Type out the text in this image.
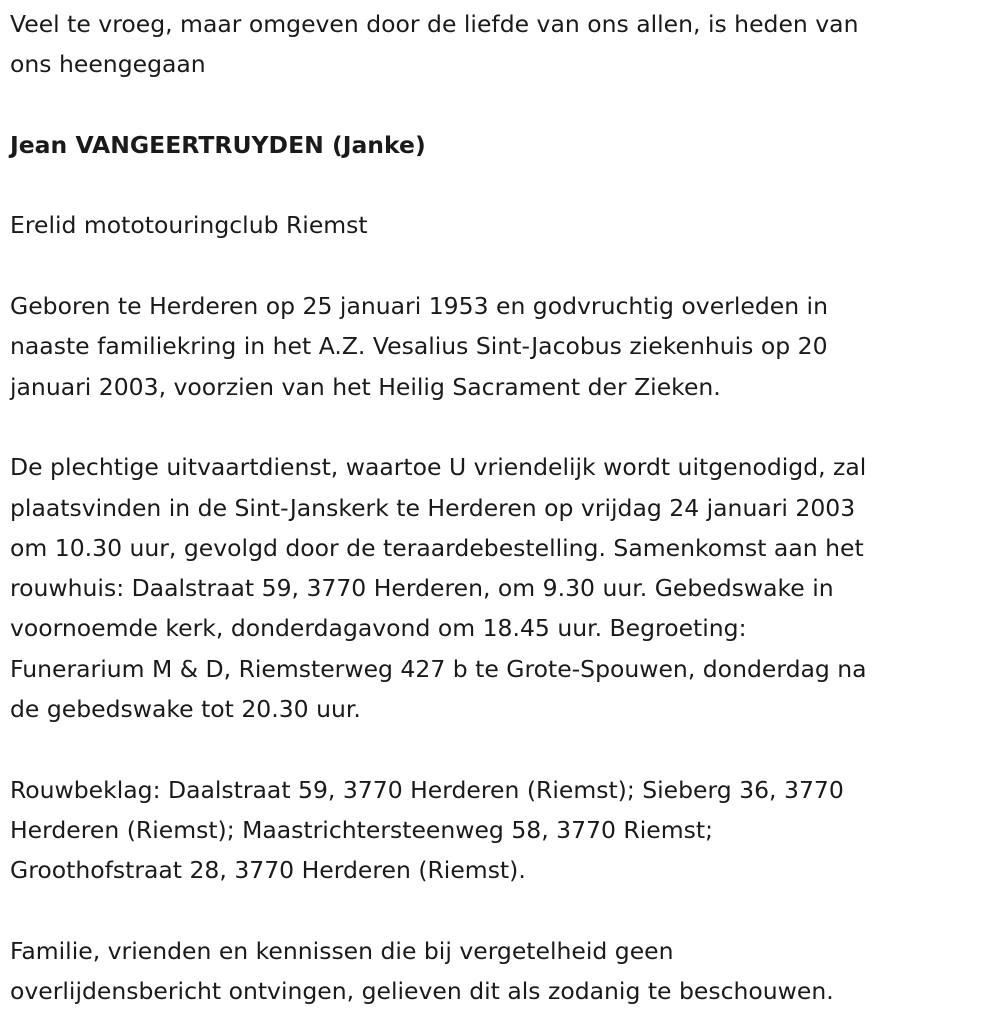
Veel te vroeg, maar omgeven door de liefde van ons allen, is heden van
ons heengegaan

Jean VANGEERTRUYDEN (Janke)

Erelid mototouringclub Riemst

Geboren te Herderen op 25 januari 1953 en godvruchtig overleden in
naaste familiekring in het A.Z. Vesalius Sint-Jacobus ziekenhuis op 20
januari 2003, voorzien van het Heilig Sacrament der Zieken.

De plechtige uitvaartdienst, waartoe U vriendelijk wordt uitgenodigd, zal
plaatsvinden in de Sint-Janskerk te Herderen op vrijdag 24 januari 2003
om 10.30 uur, gevolgd door de teraardebestelling. Samenkomst aan het
rouwhuis: Daalstraat 59, 3770 Herderen, om 9.30 uur. Gebedswake in
voornoemde kerk, donderdagavond om 18.45 uur. Begroeting:
Funerarium M & D, Riemsterweg 427 b te Grote-Spouwen, donderdag na
de gebedswake tot 20.30 uur.

Rouwbeklag: Daalstraat 59, 3770 Herderen (Riemst); Sieberg 36, 3770
Herderen (Riemst); Maastrichtersteenweg 58, 3770 Riemst;
Groothofstraat 28, 3770 Herderen (Riemst).

Familie, vrienden en kennissen die bij vergetelheid geen
overlijdensbericht ontvingen, gelieven dit als zodanig te beschouwen.
